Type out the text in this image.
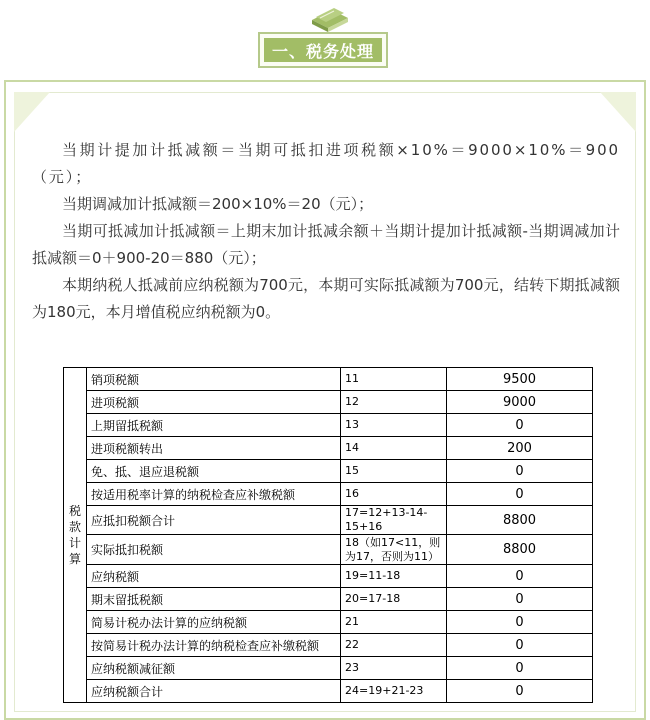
一、税务处理

当期计提加计抵减额＝当期可抵扣进项税额×10%＝9000×10%＝900（元）；

当期调减加计抵减额＝200×10%＝20（元）；

当期可抵减加计抵减额＝上期末加计抵减余额＋当期计提加计抵减额-当期调减加计抵减额＝0＋900-20＝880（元）；

本期纳税人抵减前应纳税额为700元，本期可实际抵减额为700元，结转下期抵减额为180元，本月增值税应纳税额为0。

税款计算	销项税额	11	9500
	进项税额	12	9000
	上期留抵税额	13	0
	进项税额转出	14	200
	免、抵、退应退税额	15	0
	按适用税率计算的纳税检查应补缴税额	16	0
	应抵扣税额合计	17=12+13-14-15+16	8800
	实际抵扣税额	18（如17<11，则为17，否则为11）	8800
	应纳税额	19=11-18	0
	期末留抵税额	20=17-18	0
	简易计税办法计算的应纳税额	21	0
	按简易计税办法计算的纳税检查应补缴税额	22	0
	应纳税额减征额	23	0
	应纳税额合计	24=19+21-23	0
